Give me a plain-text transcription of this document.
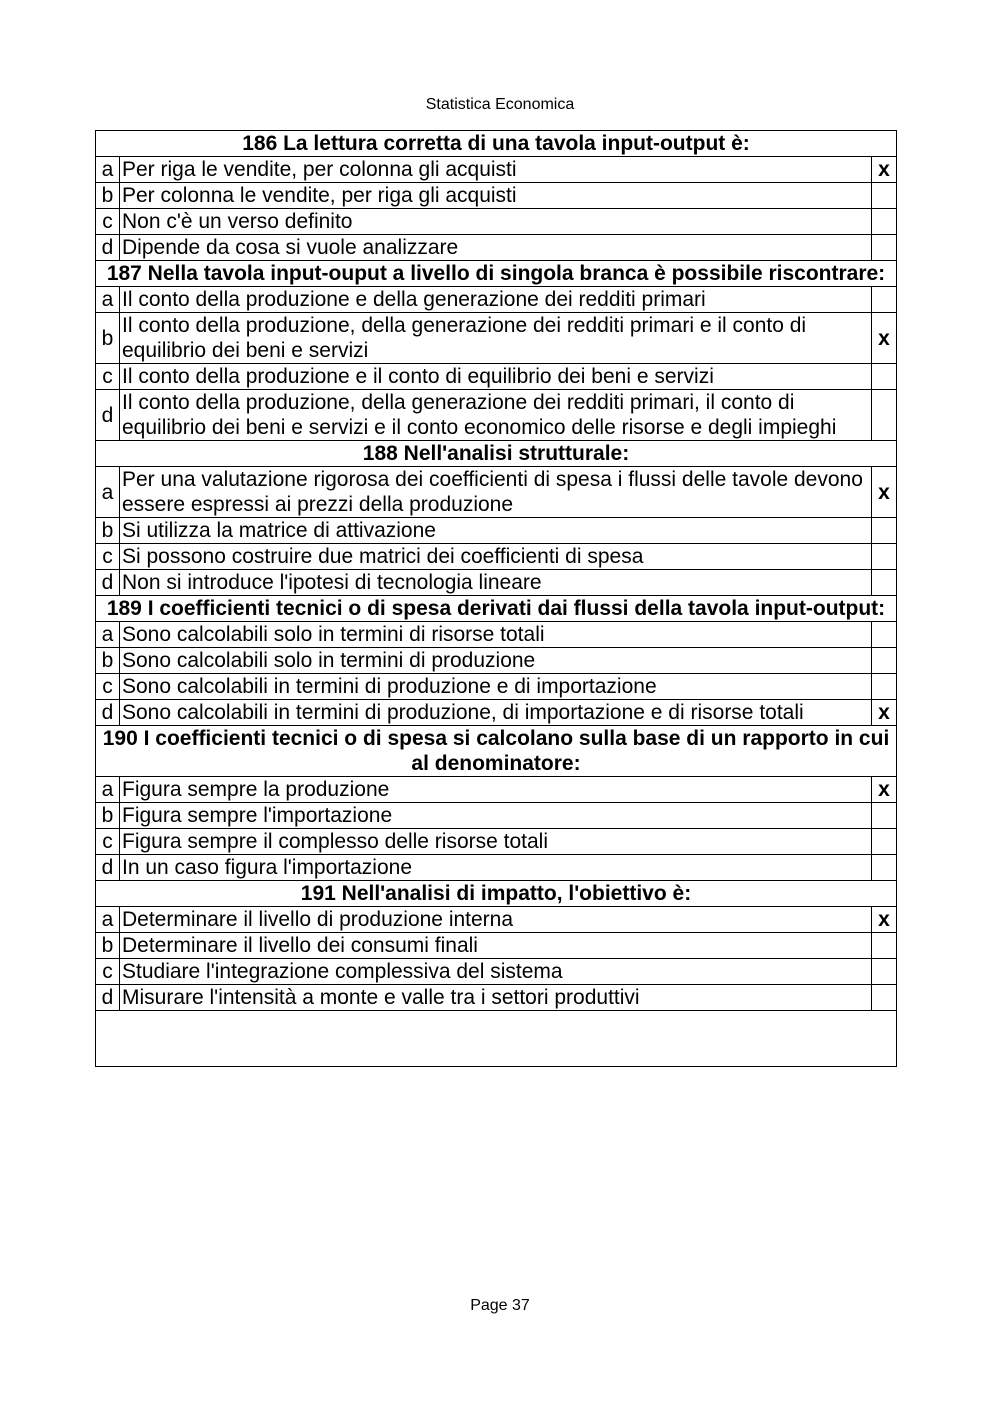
Statistica Economica
186 La lettura corretta di una tavola input-output è:		
a	Per riga le vendite, per colonna gli acquisti	x
b	Per colonna le vendite, per riga gli acquisti	
c	Non c'è un verso definito	
d	Dipende da cosa si vuole analizzare	
187 Nella tavola input-ouput a livello di singola branca è possibile riscontrare:		
a	Il conto della produzione e della generazione dei redditi primari	
b	Il conto della produzione, della generazione dei redditi primari e il conto di equilibrio dei beni e servizi	x
c	Il conto della produzione e il conto di equilibrio dei beni e servizi	
d	Il conto della produzione, della generazione dei redditi primari, il conto di equilibrio dei beni e servizi e il conto economico delle risorse e degli impieghi	
188 Nell'analisi strutturale:		
a	Per una valutazione rigorosa dei coefficienti di spesa i flussi delle tavole devono essere espressi ai prezzi della produzione	x
b	Si utilizza la matrice di attivazione	
c	Si possono costruire due matrici dei coefficienti di spesa	
d	Non si introduce l'ipotesi di tecnologia lineare	
189 I coefficienti tecnici o di spesa derivati dai flussi della tavola input-output:		
a	Sono calcolabili solo in termini di risorse totali	
b	Sono calcolabili solo in termini di produzione	
c	Sono calcolabili in termini di produzione e di importazione	
d	Sono calcolabili in termini di produzione, di importazione e di risorse totali	x
190 I coefficienti tecnici o di spesa si calcolano sulla base di un rapporto in cui al denominatore:		
a	Figura sempre la produzione	x
b	Figura sempre l'importazione	
c	Figura sempre il complesso delle risorse totali	
d	In un caso figura l'importazione	
191 Nell'analisi di impatto, l'obiettivo è:		
a	Determinare il livello di produzione interna	x
b	Determinare il livello dei consumi finali	
c	Studiare l'integrazione complessiva del sistema	
d	Misurare l'intensità a monte e valle tra i settori produttivi	

Page 37
